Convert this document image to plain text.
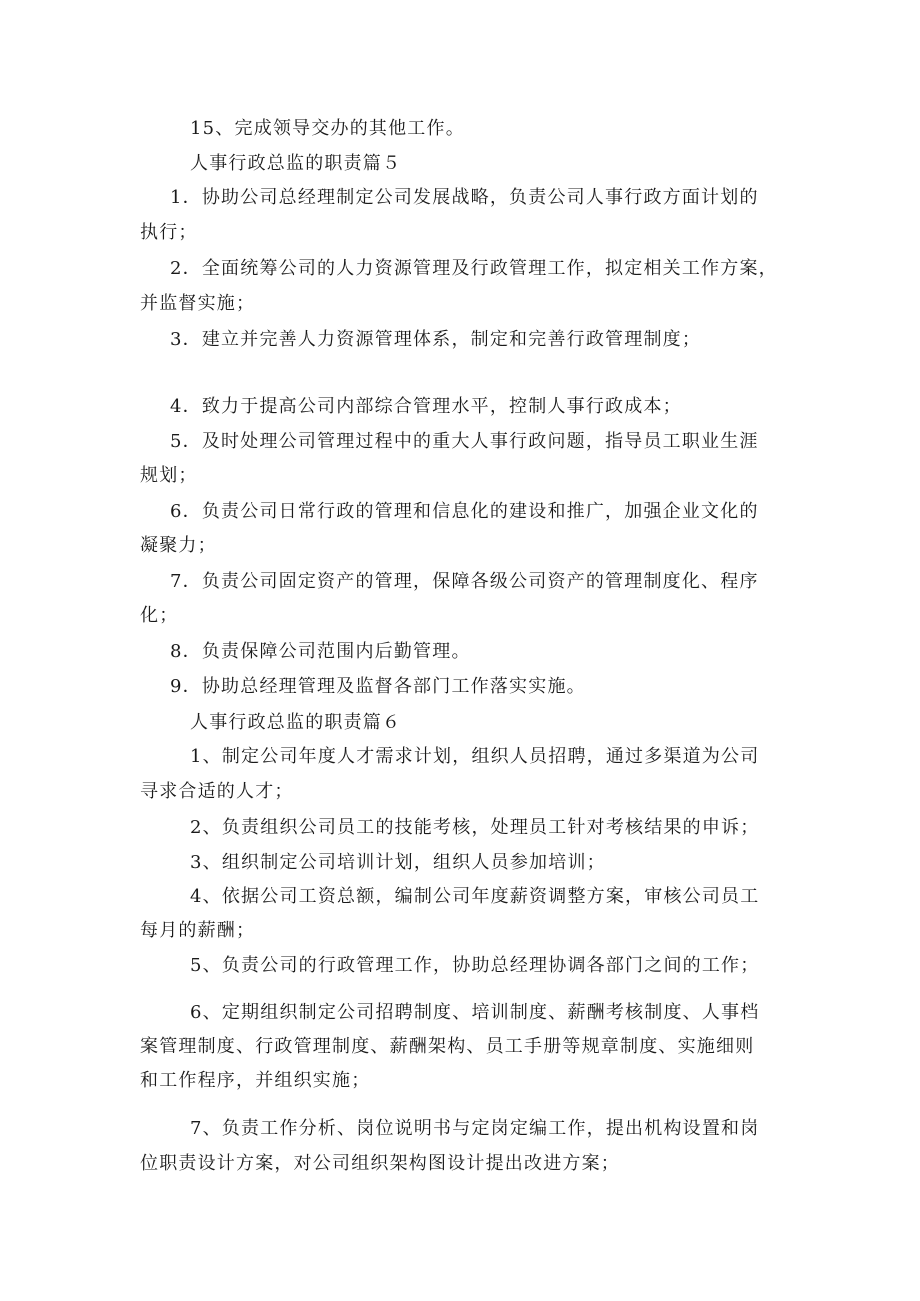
15、完成领导交办的其他工作。
人事行政总监的职责篇５
1．协助公司总经理制定公司发展战略，负责公司人事行政方面计划的
执行；
2．全面统筹公司的人力资源管理及行政管理工作，拟定相关工作方案，
并监督实施；
3．建立并完善人力资源管理体系，制定和完善行政管理制度；
4．致力于提高公司内部综合管理水平，控制人事行政成本；
5．及时处理公司管理过程中的重大人事行政问题，指导员工职业生涯
规划；
6．负责公司日常行政的管理和信息化的建设和推广，加强企业文化的
凝聚力；
7．负责公司固定资产的管理，保障各级公司资产的管理制度化、程序
化；
8．负责保障公司范围内后勤管理。
9．协助总经理管理及监督各部门工作落实实施。
人事行政总监的职责篇６
1、制定公司年度人才需求计划，组织人员招聘，通过多渠道为公司
寻求合适的人才；
2、负责组织公司员工的技能考核，处理员工针对考核结果的申诉；
3、组织制定公司培训计划，组织人员参加培训；
4、依据公司工资总额，编制公司年度薪资调整方案，审核公司员工
每月的薪酬；
5、负责公司的行政管理工作，协助总经理协调各部门之间的工作；
6、定期组织制定公司招聘制度、培训制度、薪酬考核制度、人事档
案管理制度、行政管理制度、薪酬架构、员工手册等规章制度、实施细则
和工作程序，并组织实施；
7、负责工作分析、岗位说明书与定岗定编工作，提出机构设置和岗
位职责设计方案，对公司组织架构图设计提出改进方案；
